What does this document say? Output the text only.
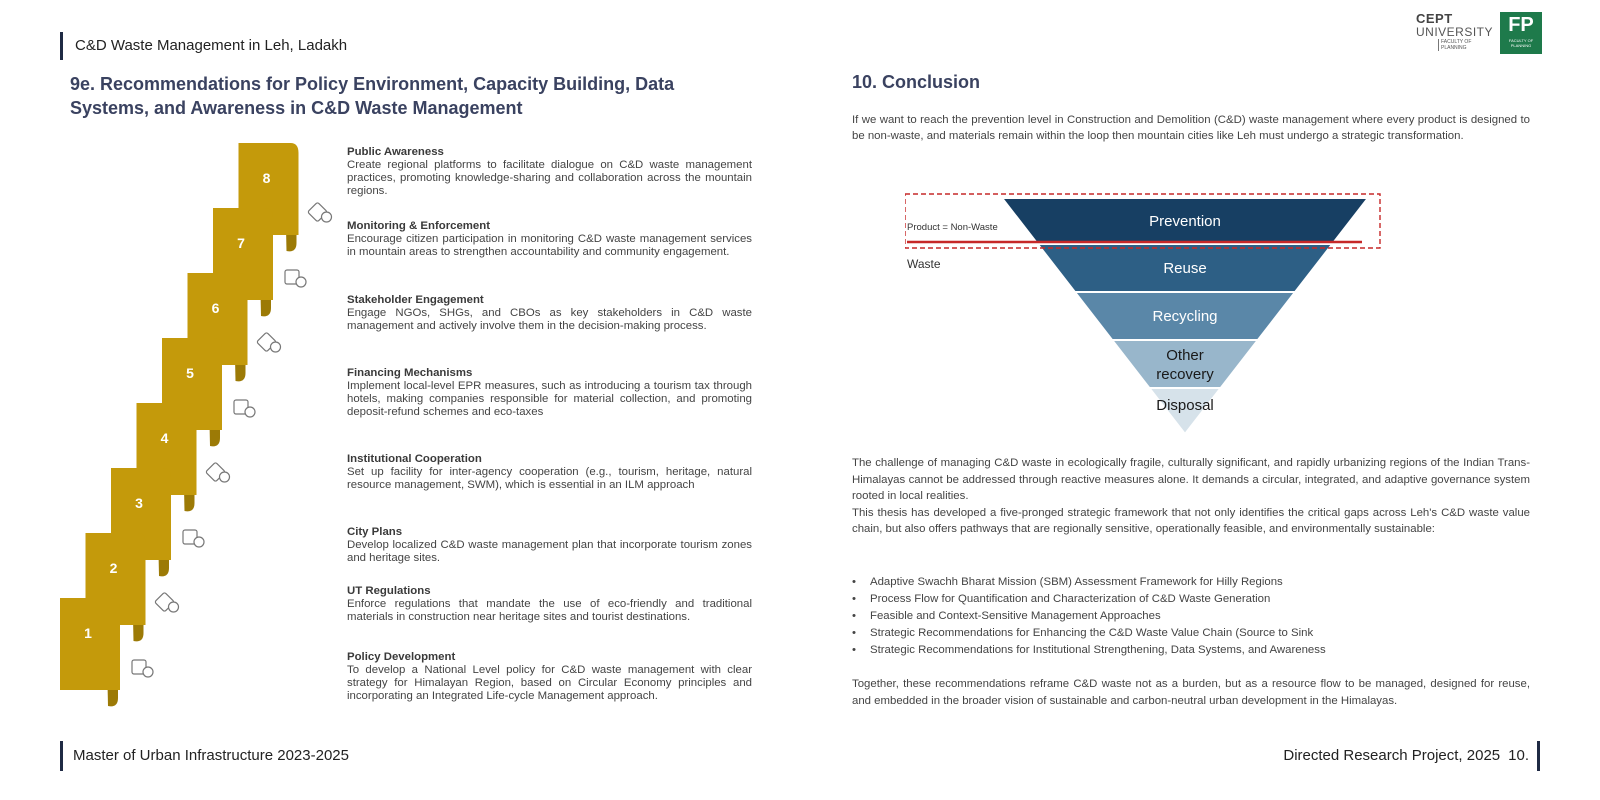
C&D Waste Management in Leh, Ladakh
CEPT
UNIVERSITY
FACULTY OF PLANNING
FP
FACULTY OF PLANNING
9e. Recommendations for Policy Environment, Capacity Building, Data Systems, and Awareness in C&D Waste Management
10. Conclusion
8
7
6
5
4
3
2
1
Public Awareness
Create regional platforms to facilitate dialogue on C&D waste management practices, promoting knowledge-sharing and collaboration across the mountain regions.
Monitoring & Enforcement
Encourage citizen participation in monitoring C&D waste management services in mountain areas to strengthen accountability and community engagement.
Stakeholder Engagement
Engage NGOs, SHGs, and CBOs as key stakeholders in C&D waste management and actively involve them in the decision-making process.
Financing Mechanisms
Implement local-level EPR measures, such as introducing a tourism tax through hotels, making companies responsible for material collection, and promoting deposit-refund schemes and eco-taxes
Institutional Cooperation
Set up facility for inter-agency cooperation (e.g., tourism, heritage, natural resource management, SWM), which is essential in an ILM approach
City Plans
Develop localized C&D waste management plan that incorporate tourism zones and heritage sites.
UT Regulations
Enforce regulations that mandate the use of eco-friendly and traditional materials in construction near heritage sites and tourist destinations.
Policy Development
To develop a National Level policy for C&D waste management with clear strategy for Himalayan Region, based on Circular Economy principles and incorporating an Integrated Life-cycle Management approach.
If we want to reach the prevention level in Construction and Demolition (C&D) waste management where every product is designed to be non-waste, and materials remain within the loop then mountain cities like Leh must undergo a strategic transformation.
Prevention
Reuse
Recycling
Other
recovery
Disposal
Product = Non-Waste
Waste
The challenge of managing C&D waste in ecologically fragile, culturally significant, and rapidly urbanizing regions of the Indian Trans-Himalayas cannot be addressed through reactive measures alone. It demands a circular, integrated, and adaptive governance system rooted in local realities.
This thesis has developed a five-pronged strategic framework that not only identifies the critical gaps across Leh's C&D waste value chain, but also offers pathways that are regionally sensitive, operationally feasible, and environmentally sustainable:
• Adaptive Swachh Bharat Mission (SBM) Assessment Framework for Hilly Regions
• Process Flow for Quantification and Characterization of C&D Waste Generation
• Feasible and Context-Sensitive Management Approaches
• Strategic Recommendations for Enhancing the C&D Waste Value Chain (Source to Sink
• Strategic Recommendations for Institutional Strengthening, Data Systems, and Awareness
Together, these recommendations reframe C&D waste not as a burden, but as a resource flow to be managed, designed for reuse, and embedded in the broader vision of sustainable and carbon-neutral urban development in the Himalayas.
Master of Urban Infrastructure 2023-2025	Directed Research Project, 2025 10.
